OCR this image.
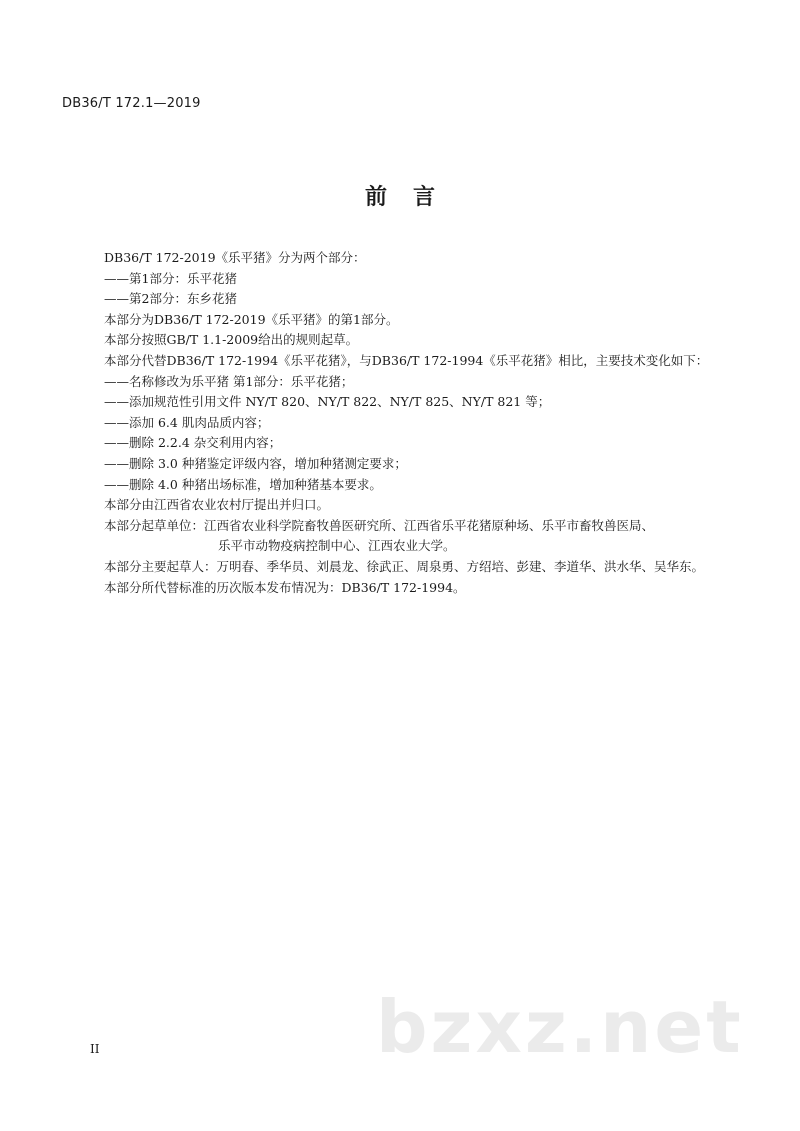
DB36/T 172.1—2019
前言
DB36/T 172-2019《乐平猪》分为两个部分：
——第1部分：乐平花猪
——第2部分：东乡花猪
本部分为DB36/T 172-2019《乐平猪》的第1部分。
本部分按照GB/T 1.1-2009给出的规则起草。
本部分代替DB36/T 172-1994《乐平花猪》，与DB36/T 172-1994《乐平花猪》相比，主要技术变化如下：
——名称修改为乐平猪 第1部分：乐平花猪；
——添加规范性引用文件 NY/T 820、NY/T 822、NY/T 825、NY/T 821 等；
——添加 6.4 肌肉品质内容；
——删除 2.2.4 杂交利用内容；
——删除 3.0 种猪鉴定评级内容，增加种猪测定要求；
——删除 4.0 种猪出场标准，增加种猪基本要求。
本部分由江西省农业农村厅提出并归口。
本部分起草单位：江西省农业科学院畜牧兽医研究所、江西省乐平花猪原种场、乐平市畜牧兽医局、
乐平市动物疫病控制中心、江西农业大学。
本部分主要起草人：万明春、季华员、刘晨龙、徐武正、周泉勇、方绍培、彭建、李道华、洪水华、吴华东。
本部分所代替标准的历次版本发布情况为：DB36/T 172-1994。
II	bzxz.net
